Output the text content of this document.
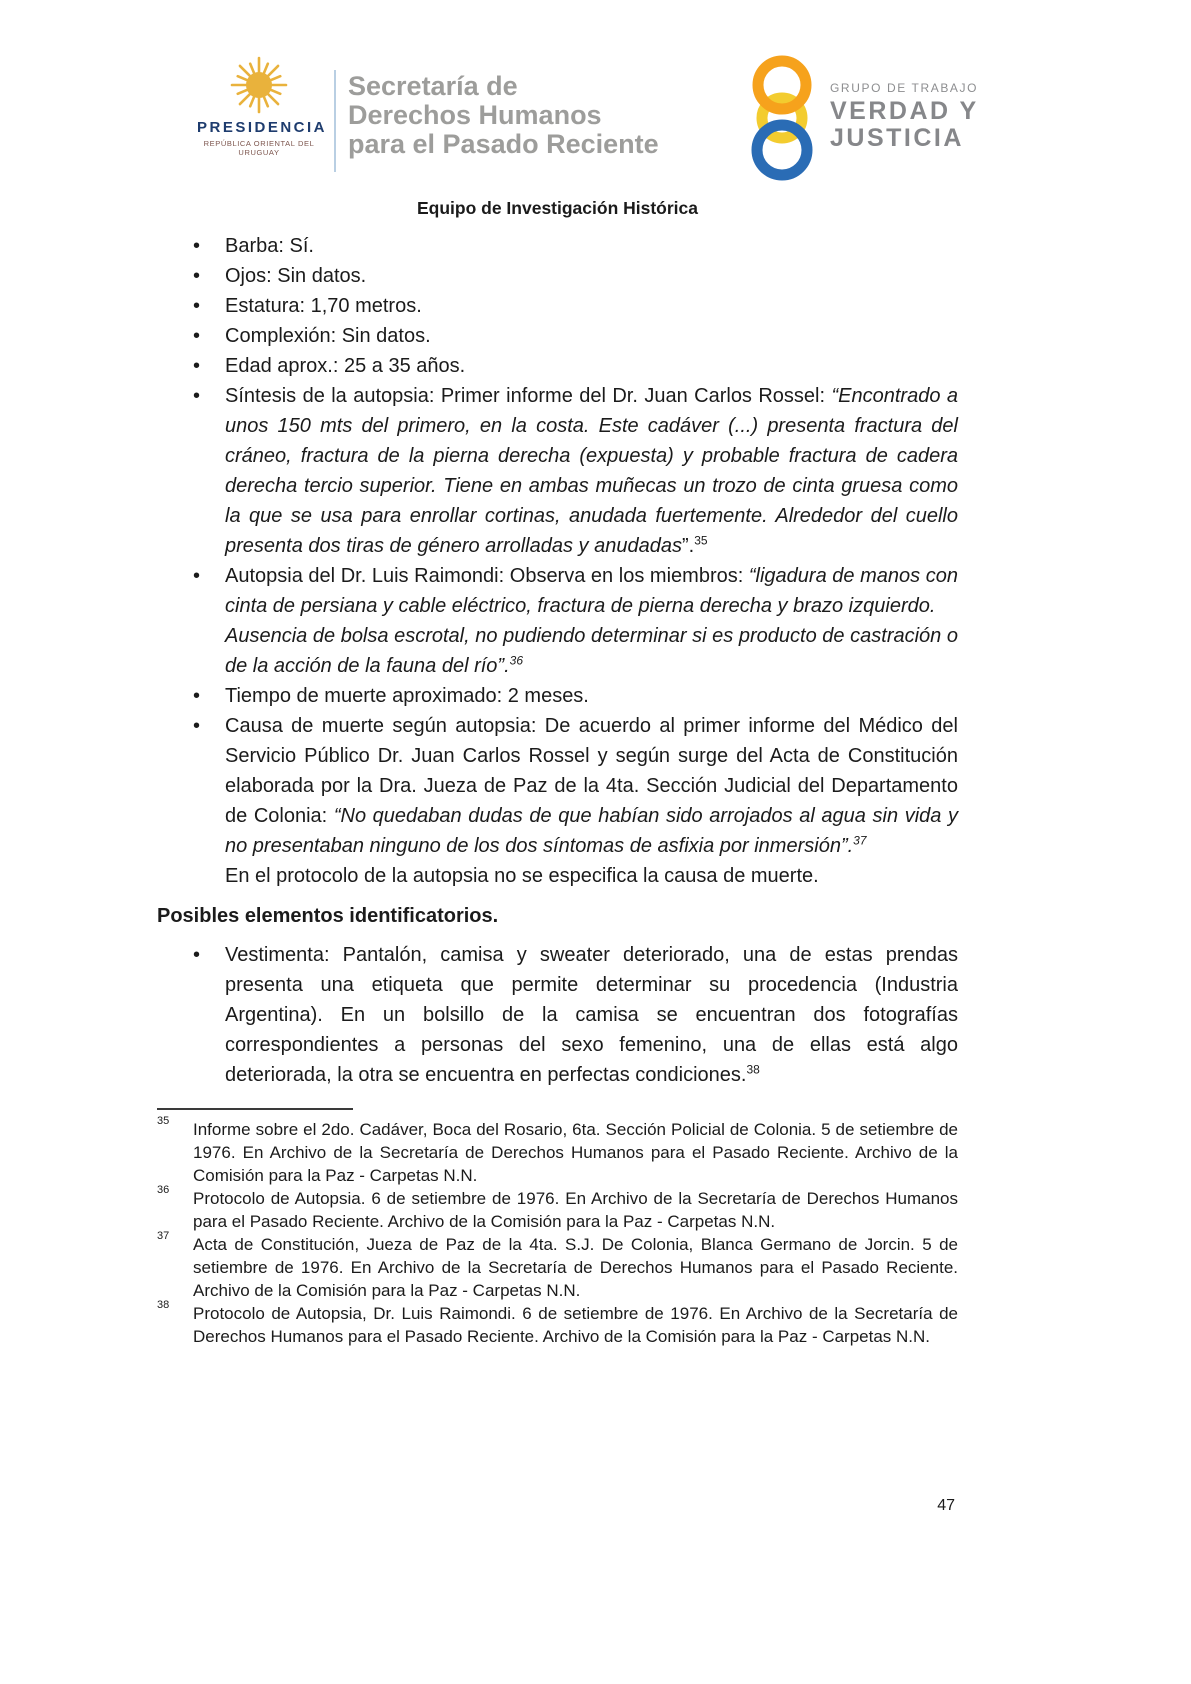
PRESIDENCIA
REPÚBLICA ORIENTAL DEL URUGUAY
Secretaría de
Derechos Humanos
para el Pasado Reciente
GRUPO DE TRABAJO
VERDAD Y
JUSTICIA
Equipo de Investigación Histórica
• Barba: Sí.
• Ojos: Sin datos.
• Estatura: 1,70 metros.
• Complexión: Sin datos.
• Edad aprox.: 25 a 35 años.
• Síntesis de la autopsia: Primer informe del Dr. Juan Carlos Rossel: “Encontrado a unos 150 mts del primero, en la costa. Este cadáver (...) presenta fractura del cráneo, fractura de la pierna derecha (expuesta) y probable fractura de cadera derecha tercio superior. Tiene en ambas muñecas un trozo de cinta gruesa como la que se usa para enrollar cortinas, anudada fuertemente. Alrededor del cuello presenta dos tiras de género arrolladas y anudadas”.$^{35}$
• Autopsia del Dr. Luis Raimondi: Observa en los miembros: “ligadura de manos con cinta de persiana y cable eléctrico, fractura de pierna derecha y brazo izquierdo.

Ausencia de bolsa escrotal, no pudiendo determinar si es producto de castración o de la acción de la fauna del río”.$^{36}$

• Tiempo de muerte aproximado: 2 meses.
• Causa de muerte según autopsia: De acuerdo al primer informe del Médico del Servicio Público Dr. Juan Carlos Rossel y según surge del Acta de Constitución elaborada por la Dra. Jueza de Paz de la 4ta. Sección Judicial del Departamento de Colonia: “No quedaban dudas de que habían sido arrojados al agua sin vida y no presentaban ninguno de los dos síntomas de asfixia por inmersión”.$^{37}$

En el protocolo de la autopsia no se especifica la causa de muerte.

Posibles elementos identificatorios.
• Vestimenta: Pantalón, camisa y sweater deteriorado, una de estas prendas presenta una etiqueta que permite determinar su procedencia (Industria Argentina). En un bolsillo de la camisa se encuentran dos fotografías correspondientes a personas del sexo femenino, una de ellas está algo deteriorada, la otra se encuentra en perfectas condiciones.$^{38}$
35	Informe sobre el 2do. Cadáver, Boca del Rosario, 6ta. Sección Policial de Colonia. 5 de setiembre de 1976. En Archivo de la Secretaría de Derechos Humanos para el Pasado Reciente. Archivo de la Comisión para la Paz - Carpetas N.N.
36	Protocolo de Autopsia. 6 de setiembre de 1976. En Archivo de la Secretaría de Derechos Humanos para el Pasado Reciente. Archivo de la Comisión para la Paz - Carpetas N.N.
37	Acta de Constitución, Jueza de Paz de la 4ta. S.J. De Colonia, Blanca Germano de Jorcin. 5 de setiembre de 1976. En Archivo de la Secretaría de Derechos Humanos para el Pasado Reciente. Archivo de la Comisión para la Paz - Carpetas N.N.
38	Protocolo de Autopsia, Dr. Luis Raimondi. 6 de setiembre de 1976. En Archivo de la Secretaría de Derechos Humanos para el Pasado Reciente. Archivo de la Comisión para la Paz - Carpetas N.N.
47
